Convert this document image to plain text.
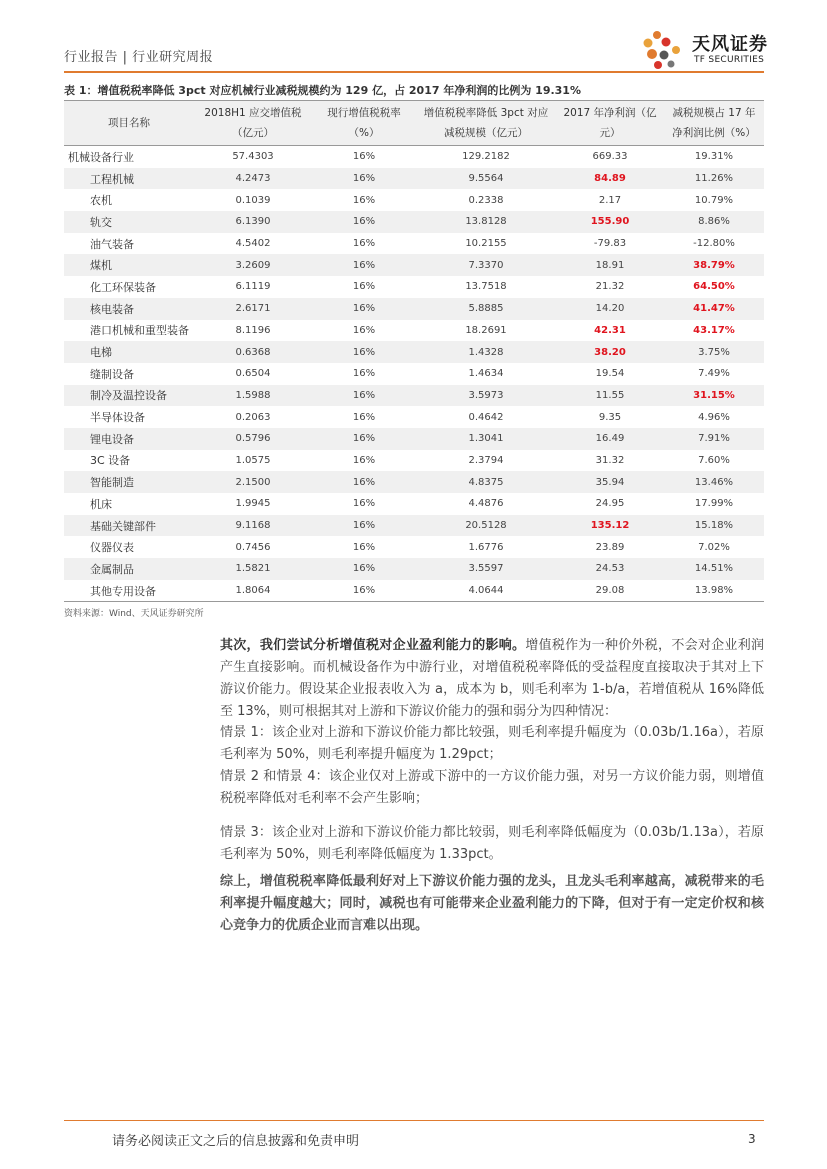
行业报告 | 行业研究周报
天风证券
TF SECURITIES
表 1：增值税税率降低 3pct 对应机械行业减税规模约为 129 亿，占 2017 年净利润的比例为 19.31%
项目名称	2018H1 应交增值税（亿元）	现行增值税税率（%）	增值税税率降低 3pct 对应减税规模（亿元）	2017 年净利润（亿元）	减税规模占 17 年净利润比例（%）
机械设备行业	57.4303	16%	129.2182	669.33	19.31%
工程机械	4.2473	16%	9.5564	84.89	11.26%
农机	0.1039	16%	0.2338	2.17	10.79%
轨交	6.1390	16%	13.8128	155.90	8.86%
油气装备	4.5402	16%	10.2155	-79.83	-12.80%
煤机	3.2609	16%	7.3370	18.91	38.79%
化工环保装备	6.1119	16%	13.7518	21.32	64.50%
核电装备	2.6171	16%	5.8885	14.20	41.47%
港口机械和重型装备	8.1196	16%	18.2691	42.31	43.17%
电梯	0.6368	16%	1.4328	38.20	3.75%
缝制设备	0.6504	16%	1.4634	19.54	7.49%
制冷及温控设备	1.5988	16%	3.5973	11.55	31.15%
半导体设备	0.2063	16%	0.4642	9.35	4.96%
锂电设备	0.5796	16%	1.3041	16.49	7.91%
3C 设备	1.0575	16%	2.3794	31.32	7.60%
智能制造	2.1500	16%	4.8375	35.94	13.46%
机床	1.9945	16%	4.4876	24.95	17.99%
基础关键部件	9.1168	16%	20.5128	135.12	15.18%
仪器仪表	0.7456	16%	1.6776	23.89	7.02%
金属制品	1.5821	16%	3.5597	24.53	14.51%
其他专用设备	1.8064	16%	4.0644	29.08	13.98%
资料来源：Wind、天风证券研究所
其次，我们尝试分析增值税对企业盈利能力的影响。增值税作为一种价外税，不会对企业利润产生直接影响。而机械设备作为中游行业，对增值税税率降低的受益程度直接取决于其对上下游议价能力。假设某企业报表收入为 a，成本为 b，则毛利率为 1-b/a，若增值税从 16%降低至 13%，则可根据其对上游和下游议价能力的强和弱分为四种情况：
情景 1：该企业对上游和下游议价能力都比较强，则毛利率提升幅度为（0.03b/1.16a），若原毛利率为 50%，则毛利率提升幅度为 1.29pct；
情景 2 和情景 4：该企业仅对上游或下游中的一方议价能力强，对另一方议价能力弱，则增值税税率降低对毛利率不会产生影响；
情景 3：该企业对上游和下游议价能力都比较弱，则毛利率降低幅度为（0.03b/1.13a），若原毛利率为 50%，则毛利率降低幅度为 1.33pct。
综上，增值税税率降低最利好对上下游议价能力强的龙头，且龙头毛利率越高，减税带来的毛利率提升幅度越大；同时，减税也有可能带来企业盈利能力的下降，但对于有一定定价权和核心竞争力的优质企业而言难以出现。
请务必阅读正文之后的信息披露和免责申明	3
